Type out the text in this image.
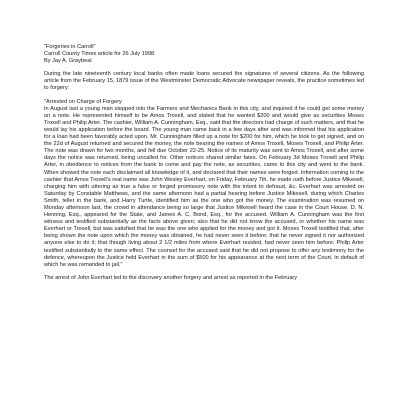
"Forgeries in Carroll"
Carroll County Times article for 26 July 1998
By Jay A. Graybeal

During the late nineteenth century local banks often made loans secured the signatures of several citizens. As the following article from the February 15, 1879 issue of the Westminster Democratic Advocate newspaper reveals, the practice sometimes led to forgery:

"Arrested on Charge of Forgery
In August last a young man stepped into the Farmers and Mechanics Bank in this city, and inquired if he could get some money on a note. He represented himself to be Amos Troxell, and stated that he wanted $200 and would give as securities Moses Troxell and Philip Arter. The cashier, William A. Cunningham, Esq., said that the directors had charge of such matters, and that he would lay his application before the board. The young man came back in a few days after and was informed that his application for a loan had been favorably acted upon. Mr. Cunningham filled up a note for $200 for him, which he took to get signed, and on the 22d of August returned and secured the money, the note bearing the names of Amos Troxell, Moses Troxell, and Philip Arter. The note was drawn for two months, and fell due October 22-25. Notice of its maturity was sent to Amos Troxell, and after some days the notice was returned, being uncalled for. Other notices shared similar fates. On February 3d Moses Troxell and Philip Arter, in obedience to notices from the bank to come and pay the note, as securities, came to this city and went to the bank. When showed the note each disclaimed all knowledge of it, and declared that their names were forged. Information coming to the cashier that Amos Troxell's real name was John Wesley Everhart, on Friday, February 7th, he made oath before Justice Mikesell, charging him with uttering as true a false or forged promissory note with the intent to defraud, &c. Everhart was arrested on Saturday by Constable Matthews, and the same afternoon had a partial hearing before Justice Mikesell, during which Charles Smith, teller in the bank, and Harry Turtle, identified him as the one who got the money. The examination was resumed on Monday afternoon last, the crowd in attendance being so large that Justice Mikesell heard the case in the Court House. D. N. Henning, Esq., appeared for the State, and James A. C. Bond, Esq., for the accused. William A. Cunningham was the first witness and testified substantially as the facts above given; also that he did not know the accused, or whether his name was Everhart or Troxell, but was satisfied that he was the one who applied for the money and got it. Moses Troxell testified that, after being shown the note upon which the money was obtained, he had never seen it before; that he never signed it nor authorized anyone else to do it; that though living about 2 1/2 miles from where Everhart resided, had never seen him before. Philip Arter testified substantially to the same effect. The counsel for the accused said that he did not propose to offer any testimony for the defence, whereupon the Justice held Everhart in the sum of $500 for his appearance at the next term of the Court, in default of which he was remanded to jail."

The arrest of John Everhart led to the discovery another forgery and arrest as reported in the February
